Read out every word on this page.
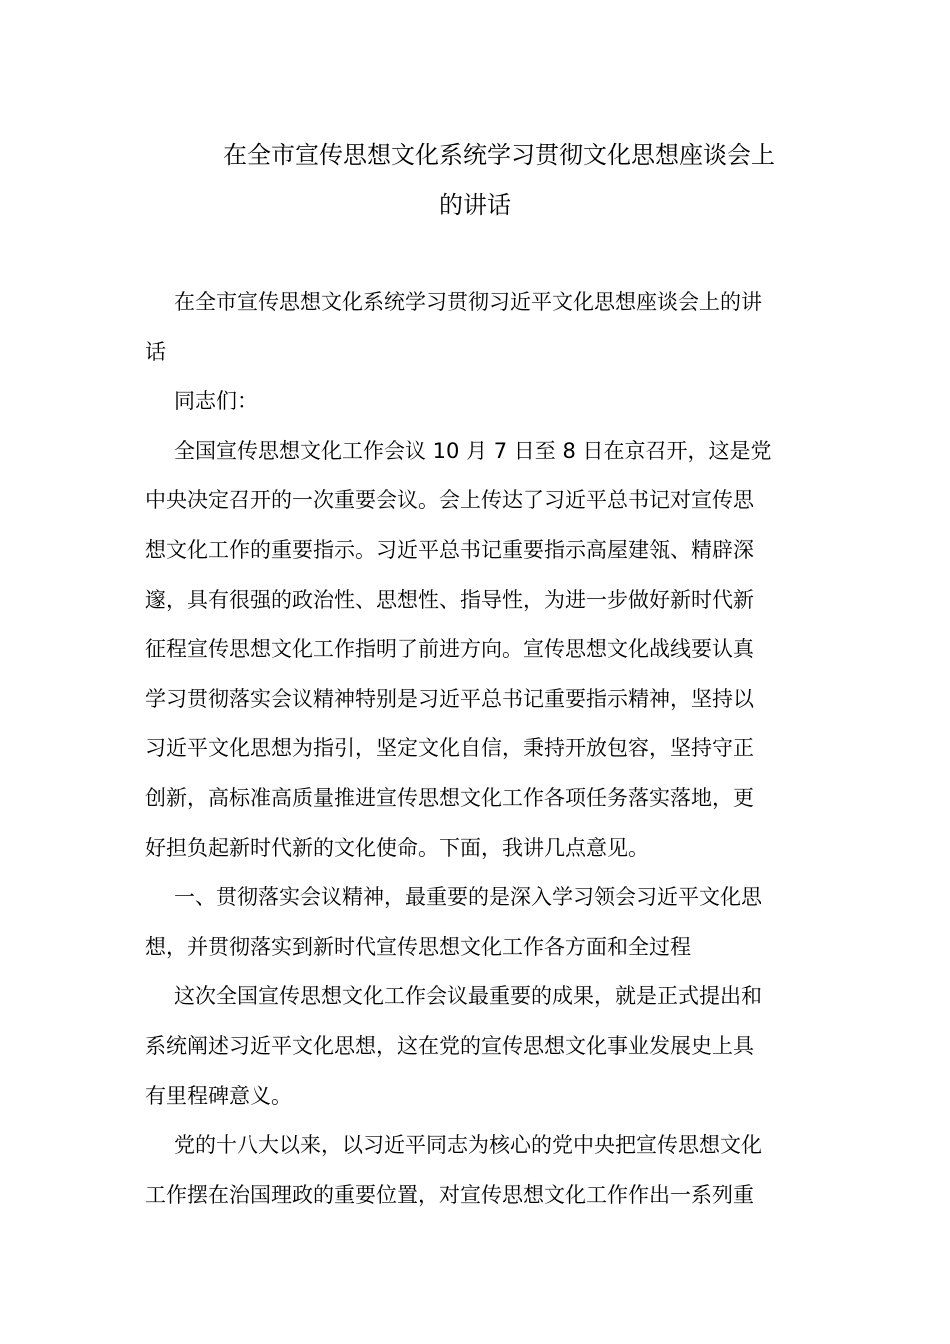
在全市宣传思想文化系统学习贯彻文化思想座谈会上
的讲话
在全市宣传思想文化系统学习贯彻习近平文化思想座谈会上的讲
话
同志们：
全国宣传思想文化工作会议 10 月 7 日至 8 日在京召开，这是党
中央决定召开的一次重要会议。会上传达了习近平总书记对宣传思
想文化工作的重要指示。习近平总书记重要指示高屋建瓴、精辟深
邃，具有很强的政治性、思想性、指导性，为进一步做好新时代新
征程宣传思想文化工作指明了前进方向。宣传思想文化战线要认真
学习贯彻落实会议精神特别是习近平总书记重要指示精神，坚持以
习近平文化思想为指引，坚定文化自信，秉持开放包容，坚持守正
创新，高标准高质量推进宣传思想文化工作各项任务落实落地，更
好担负起新时代新的文化使命。下面，我讲几点意见。
一、贯彻落实会议精神，最重要的是深入学习领会习近平文化思
想，并贯彻落实到新时代宣传思想文化工作各方面和全过程
这次全国宣传思想文化工作会议最重要的成果，就是正式提出和
系统阐述习近平文化思想，这在党的宣传思想文化事业发展史上具
有里程碑意义。
党的十八大以来，以习近平同志为核心的党中央把宣传思想文化
工作摆在治国理政的重要位置，对宣传思想文化工作作出一系列重
